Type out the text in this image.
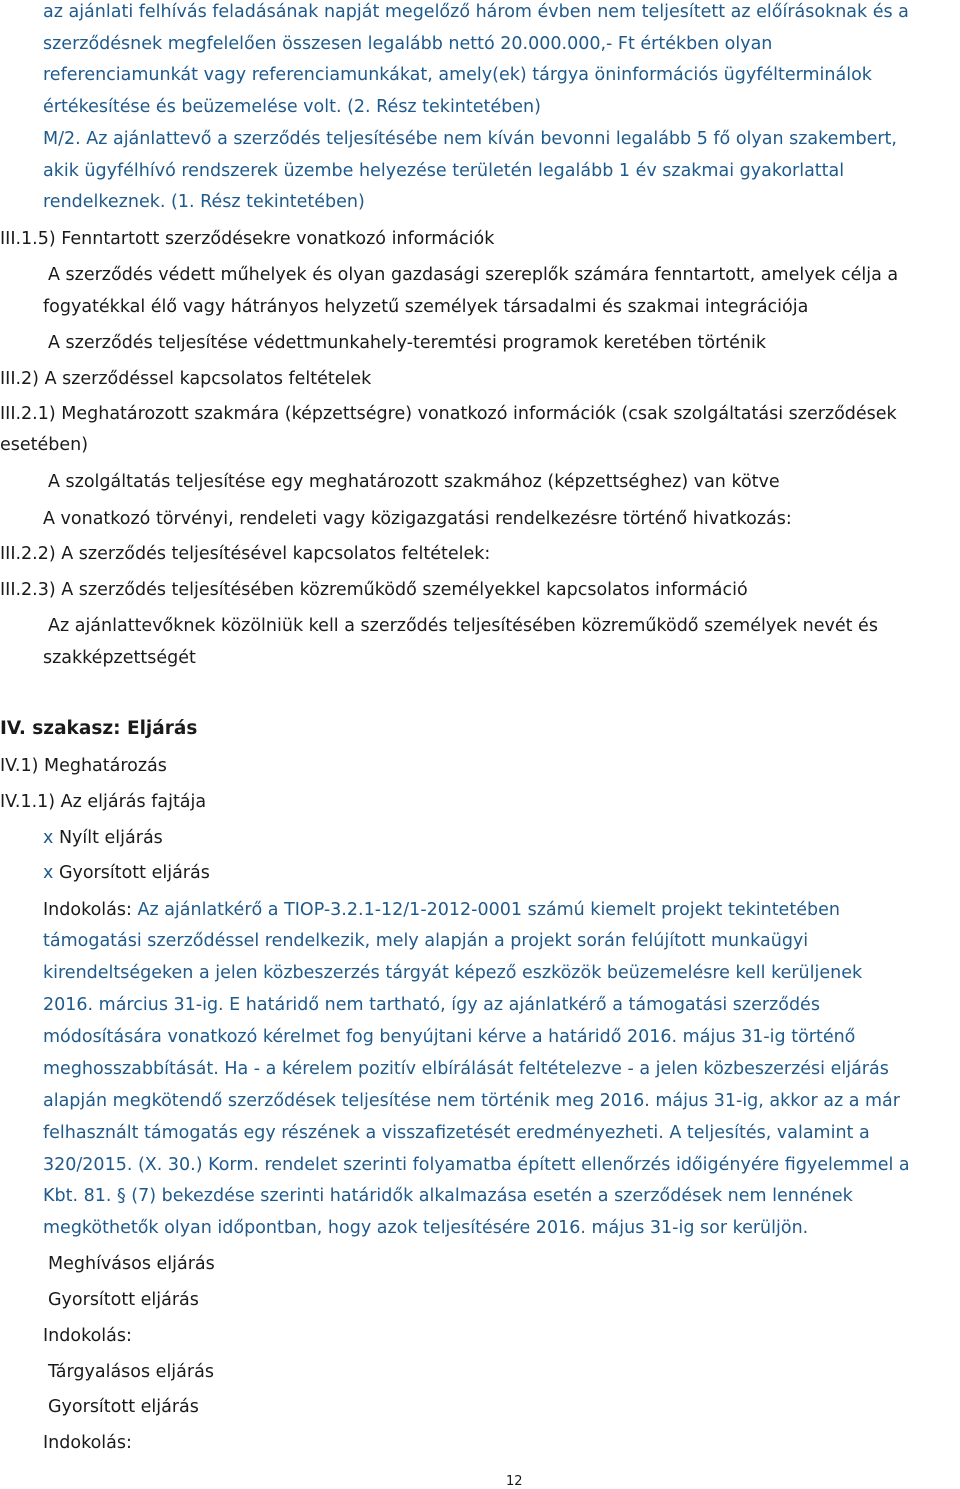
az ajánlati felhívás feladásának napját megelőző három évben nem teljesített az előírásoknak és a
szerződésnek megfelelően összesen legalább nettó 20.000.000,- Ft értékben olyan
referenciamunkát vagy referenciamunkákat, amely(ek) tárgya öninformációs ügyfélterminálok
értékesítése és beüzemelése volt. (2. Rész tekintetében)
M/2. Az ajánlattevő a szerződés teljesítésébe nem kíván bevonni legalább 5 fő olyan szakembert,
akik ügyfélhívó rendszerek üzembe helyezése területén legalább 1 év szakmai gyakorlattal
rendelkeznek. (1. Rész tekintetében)
III.1.5) Fenntartott szerződésekre vonatkozó információk
A szerződés védett műhelyek és olyan gazdasági szereplők számára fenntartott, amelyek célja a
fogyatékkal élő vagy hátrányos helyzetű személyek társadalmi és szakmai integrációja
A szerződés teljesítése védettmunkahely-teremtési programok keretében történik
III.2) A szerződéssel kapcsolatos feltételek
III.2.1) Meghatározott szakmára (képzettségre) vonatkozó információk (csak szolgáltatási szerződések
esetében)
A szolgáltatás teljesítése egy meghatározott szakmához (képzettséghez) van kötve
A vonatkozó törvényi, rendeleti vagy közigazgatási rendelkezésre történő hivatkozás:
III.2.2) A szerződés teljesítésével kapcsolatos feltételek:
III.2.3) A szerződés teljesítésében közreműködő személyekkel kapcsolatos információ
Az ajánlattevőknek közölniük kell a szerződés teljesítésében közreműködő személyek nevét és
szakképzettségét
IV. szakasz: Eljárás
IV.1) Meghatározás
IV.1.1) Az eljárás fajtája
x Nyílt eljárás
x Gyorsított eljárás
Indokolás: Az ajánlatkérő a TIOP-3.2.1-12/1-2012-0001 számú kiemelt projekt tekintetében
támogatási szerződéssel rendelkezik, mely alapján a projekt során felújított munkaügyi
kirendeltségeken a jelen közbeszerzés tárgyát képező eszközök beüzemelésre kell kerüljenek
2016. március 31-ig. E határidő nem tartható, így az ajánlatkérő a támogatási szerződés
módosítására vonatkozó kérelmet fog benyújtani kérve a határidő 2016. május 31-ig történő
meghosszabbítását. Ha - a kérelem pozitív elbírálását feltételezve - a jelen közbeszerzési eljárás
alapján megkötendő szerződések teljesítése nem történik meg 2016. május 31-ig, akkor az a már
felhasznált támogatás egy részének a visszafizetését eredményezheti. A teljesítés, valamint a
320/2015. (X. 30.) Korm. rendelet szerinti folyamatba épített ellenőrzés időigényére figyelemmel a
Kbt. 81. § (7) bekezdése szerinti határidők alkalmazása esetén a szerződések nem lennének
megköthetők olyan időpontban, hogy azok teljesítésére 2016. május 31-ig sor kerüljön.
Meghívásos eljárás
Gyorsított eljárás
Indokolás:
Tárgyalásos eljárás
Gyorsított eljárás
Indokolás:
12
